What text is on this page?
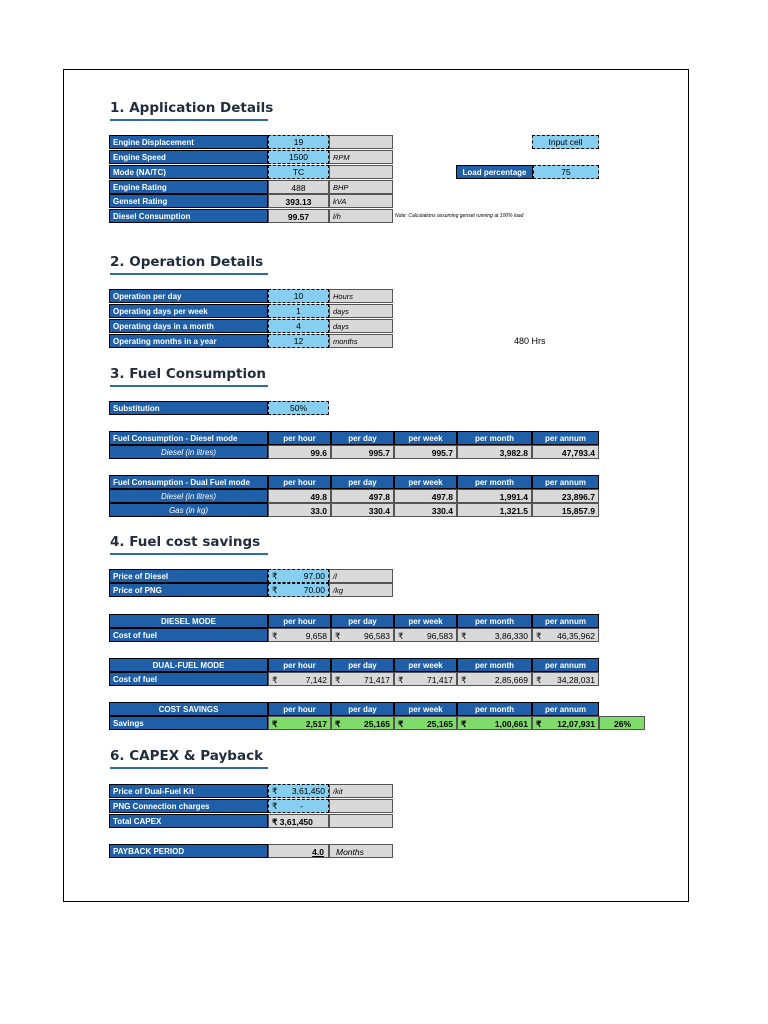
1. Application Details
Engine Displacement	19
Engine Speed	1500	RPM
Mode (NA/TC)	TC
Engine Rating	488	BHP
Genset Rating	393.13	kVA
Diesel Consumption	99.57	l/h	Note: Calculations assuming genset running at 100% load
Input cell
Load percentage	75
2. Operation Details
Operation per day	10	Hours
Operating days per week	1	days
Operating days in a month	4	days
Operating months in a year	12	months	480 Hrs
3. Fuel Consumption
Substitution	50%
Fuel Consumption - Diesel mode	per hour	per day	per week	per month	per annum
Diesel (in litres)	99.6	995.7	995.7	3,982.8	47,793.4
Fuel Consumption - Dual Fuel mode	per hour	per day	per week	per month	per annum
Diesel (in litres)	49.8	497.8	497.8	1,991.4	23,896.7
Gas (in kg)	33.0	330.4	330.4	1,321.5	15,857.9
4. Fuel cost savings
Price of Diesel	₹	97.00	/l
Price of PNG	₹	70.00	/kg
DIESEL MODE	per hour	per day	per week	per month	per annum
Cost of fuel	₹	9,658 ₹	96,583 ₹	96,583 ₹	3,86,330 ₹ 46,35,962
DUAL-FUEL MODE	per hour	per day	per week	per month	per annum
Cost of fuel	₹	7,142 ₹	71,417 ₹	71,417 ₹	2,85,669 ₹ 34,28,031
COST SAVINGS	per hour	per day	per week	per month	per annum
Savings	₹	2,517 ₹	25,165 ₹	25,165 ₹	1,00,661 ₹ 12,07,931	26%
6. CAPEX & Payback
Price of Dual-Fuel Kit	₹ 3,61,450	/kit
PNG Connection charges	₹	-
Total CAPEX	₹ 3,61,450
PAYBACK PERIOD	4.0	Months
